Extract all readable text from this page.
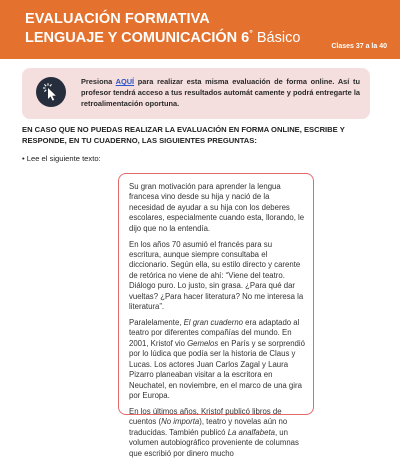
EVALUACIÓN FORMATIVA
LENGUAJE Y COMUNICACIÓN 6° Básico
Clases 37 a la 40
Presiona AQUÍ para realizar esta misma evaluación de forma online. Así tu profesor tendrá acceso a tus resultados automát camente y podrá entregarte la retroalimentación oportuna.
EN CASO QUE NO PUEDAS REALIZAR LA EVALUACIÓN EN FORMA ONLINE, ESCRIBE Y RESPONDE, EN TU CUADERNO, LAS SIGUIENTES PREGUNTAS:
• Lee el siguiente texto:

Su gran motivación para aprender la lengua francesa vino desde su hija y nació de la necesidad de ayudar a su hija con los deberes escolares, especialmente cuando esta, llorando, le dijo que no la entendía.

En los años 70 asumió el francés para su escritura, aunque siempre consultaba el diccionario. Según ella, su estilo directo y carente de retórica no viene de ahí: “Viene del teatro. Diálogo puro. Lo justo, sin grasa. ¿Para qué dar vueltas? ¿Para hacer literatura? No me interesa la literatura”.

Paralelamente, El gran cuaderno era adaptado al teatro por diferentes compañías del mundo. En 2001, Kristof vio Gemelos en París y se sorprendió por lo lúdica que podía ser la historia de Claus y Lucas. Los actores Juan Carlos Zagal y Laura Pizarro planeaban visitar a la escritora en Neuchatel, en noviembre, en el marco de una gira por Europa.

En los últimos años, Kristof publicó libros de cuentos (No importa), teatro y novelas aún no traducidas. También publicó La analfabeta, un volumen autobiográfico proveniente de columnas que escribió por dinero mucho
